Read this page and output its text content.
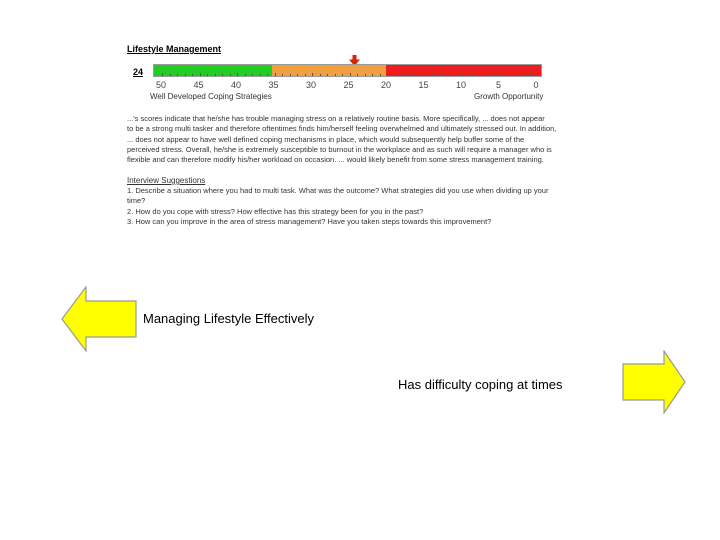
Lifestyle Management
24
50	45	40	35	30	25	20	15	10	5	0
Well Developed Coping Strategies	Growth Opportunity
...'s scores indicate that he/she has trouble managing stress on a relatively routine basis. More specifically, ... does not appear
to be a strong multi tasker and therefore oftentimes finds him/herself feeling overwhelmed and ultimately stressed out. In addition,
... does not appear to have well defined coping mechanisms in place, which would subsequently help buffer some of the
perceived stress. Overall, he/she is extremely susceptible to burnout in the workplace and as such will require a manager who is
flexible and can therefore modify his/her workload on occasion. ... would likely benefit from some stress management training.
Interview Suggestions
1. Describe a situation where you had to multi task. What was the outcome? What strategies did you use when dividing up your
time?
2. How do you cope with stress? How effective has this strategy been for you in the past?
3. How can you improve in the area of stress management? Have you taken steps towards this improvement?
Managing Lifestyle Effectively
Has difficulty coping at times
